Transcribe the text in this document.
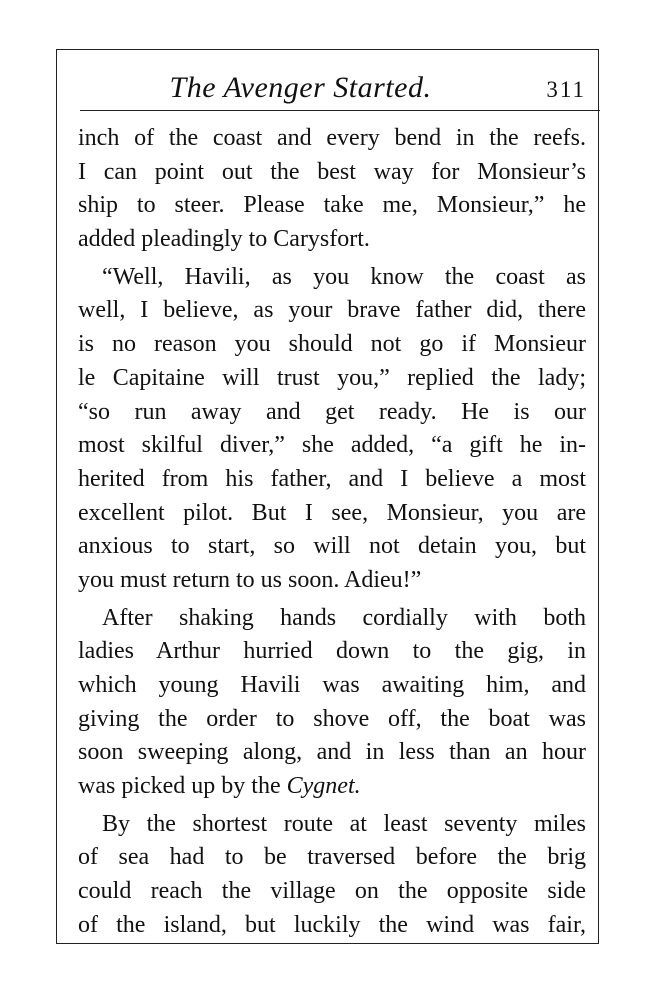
The Avenger Started.	311
inch of the coast and every bend in the reefs.
I can point out the best way for Monsieur’s
ship to steer. Please take me, Monsieur,” he
added pleadingly to Carysfort.
“Well, Havili, as you know the coast as
well, I believe, as your brave father did, there
is no reason you should not go if Monsieur
le Capitaine will trust you,” replied the lady;
“so run away and get ready. He is our
most skilful diver,” she added, “a gift he in-
herited from his father, and I believe a most
excellent pilot. But I see, Monsieur, you are
anxious to start, so will not detain you, but
you must return to us soon. Adieu!”
After shaking hands cordially with both
ladies Arthur hurried down to the gig, in
which young Havili was awaiting him, and
giving the order to shove off, the boat was
soon sweeping along, and in less than an hour
was picked up by the Cygnet.
By the shortest route at least seventy miles
of sea had to be traversed before the brig
could reach the village on the opposite side
of the island, but luckily the wind was fair,
